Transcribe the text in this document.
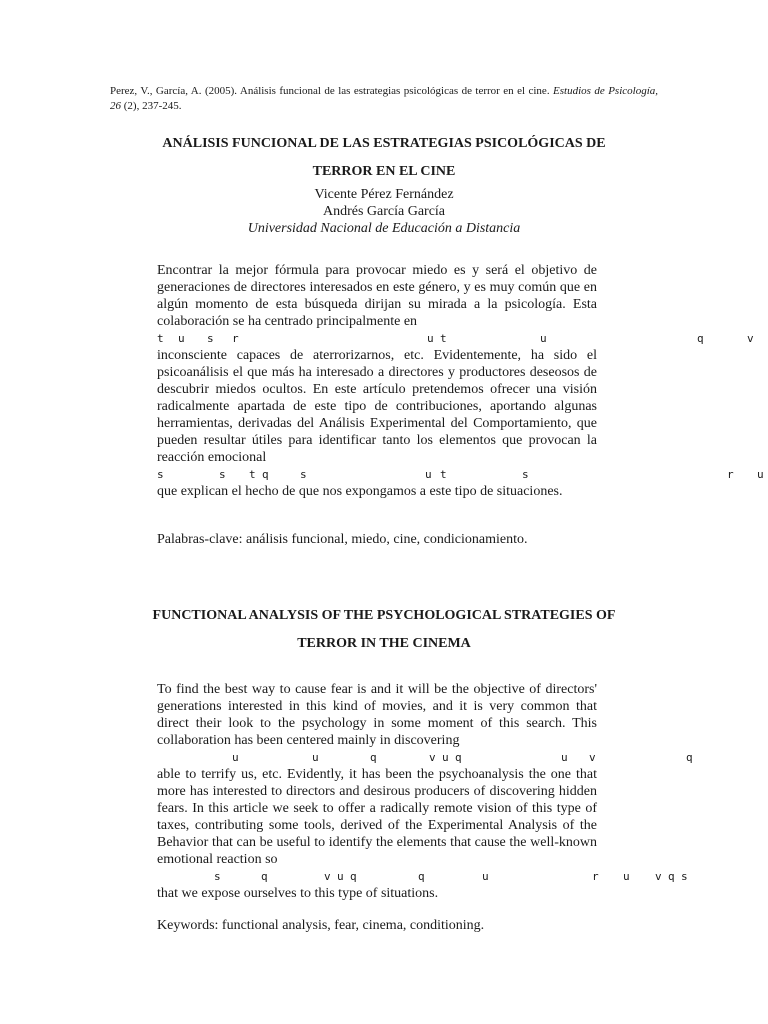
Perez, V., García, A. (2005). Análisis funcional de las estrategias psicológicas de terror en el cine. Estudios de Psicología, 26 (2), 237-245.
ANÁLISIS FUNCIONAL DE LAS ESTRATEGIAS PSICOLÓGICAS DE
TERROR EN EL CINE
Vicente Pérez Fernández
Andrés García García
Universidad Nacional de Educación a Distancia

Encontrar la mejor fórmula para provocar miedo es y será el objetivo de generaciones de directores interesados en este género, y es muy común que en algún momento de esta búsqueda dirijan su mirada a la psicología. Esta colaboración se ha centrado principalmente en

t u s r	u t	u	q	v

inconsciente capaces de aterrorizarnos, etc. Evidentemente, ha sido el psicoanálisis el que más ha interesado a directores y productores deseosos de descubrir miedos ocultos. En este artículo pretendemos ofrecer una visión radicalmente apartada de este tipo de contribuciones, aportando algunas herramientas, derivadas del Análisis Experimental del Comportamiento, que pueden resultar útiles para identificar tanto los elementos que provocan la reacción emocional

s	s t q	s	u t	s	r u

que explican el hecho de que nos expongamos a este tipo de situaciones.

Palabras-clave: análisis funcional, miedo, cine, condicionamiento.
FUNCTIONAL ANALYSIS OF THE PSYCHOLOGICAL STRATEGIES OF
TERROR IN THE CINEMA

To find the best way to cause fear is and it will be the objective of directors' generations interested in this kind of movies, and it is very common that direct their look to the psychology in some moment of this search. This collaboration has been centered mainly in discovering

u	u	q	v u q	u v	q

able to terrify us, etc. Evidently, it has been the psychoanalysis the one that more has interested to directors and desirous producers of discovering hidden fears. In this article we seek to offer a radically remote vision of this type of taxes, contributing some tools, derived of the Experimental Analysis of the Behavior that can be useful to identify the elements that cause the well-known emotional reaction so

s	q	v u q	q	u	r u v q s

that we expose ourselves to this type of situations.

Keywords: functional analysis, fear, cinema, conditioning.
